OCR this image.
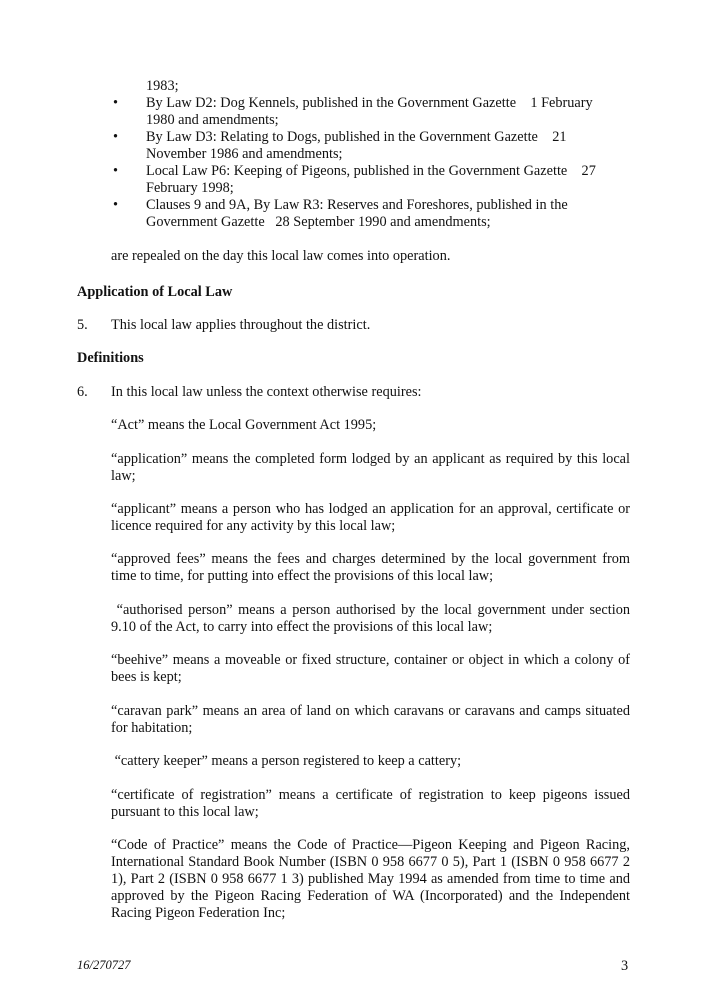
1983;
•	By Law D2: Dog Kennels, published in the Government Gazette    1 February
1980 and amendments;
•	By Law D3: Relating to Dogs, published in the Government Gazette    21
November 1986 and amendments;
•	Local Law P6: Keeping of Pigeons, published in the Government Gazette    27
February 1998;
•	Clauses 9 and 9A, By Law R3: Reserves and Foreshores, published in the
Government Gazette   28 September 1990 and amendments;
are repealed on the day this local law comes into operation.
Application of Local Law
5. This local law applies throughout the district.
Definitions
6. In this local law unless the context otherwise requires:
“Act” means the Local Government Act 1995;
“application” means the completed form lodged by an applicant as required by this local law;
“applicant” means a person who has lodged an application for an approval, certificate or licence required for any activity by this local law;
“approved fees” means the fees and charges determined by the local government from time to time, for putting into effect the provisions of this local law;
“authorised person” means a person authorised by the local government under section 9.10 of the Act, to carry into effect the provisions of this local law;
“beehive” means a moveable or fixed structure, container or object in which a colony of bees is kept;
“caravan park” means an area of land on which caravans or caravans and camps situated for habitation;
“cattery keeper” means a person registered to keep a cattery;
“certificate of registration” means a certificate of registration to keep pigeons issued pursuant to this local law;
“Code of Practice” means the Code of Practice—Pigeon Keeping and Pigeon Racing, International Standard Book Number (ISBN 0 958 6677 0 5), Part 1 (ISBN 0 958 6677 2 1), Part 2 (ISBN 0 958 6677 1 3) published May 1994 as amended from time to time and approved by the Pigeon Racing Federation of WA (Incorporated) and the Independent Racing Pigeon Federation Inc;
16/270727	3
